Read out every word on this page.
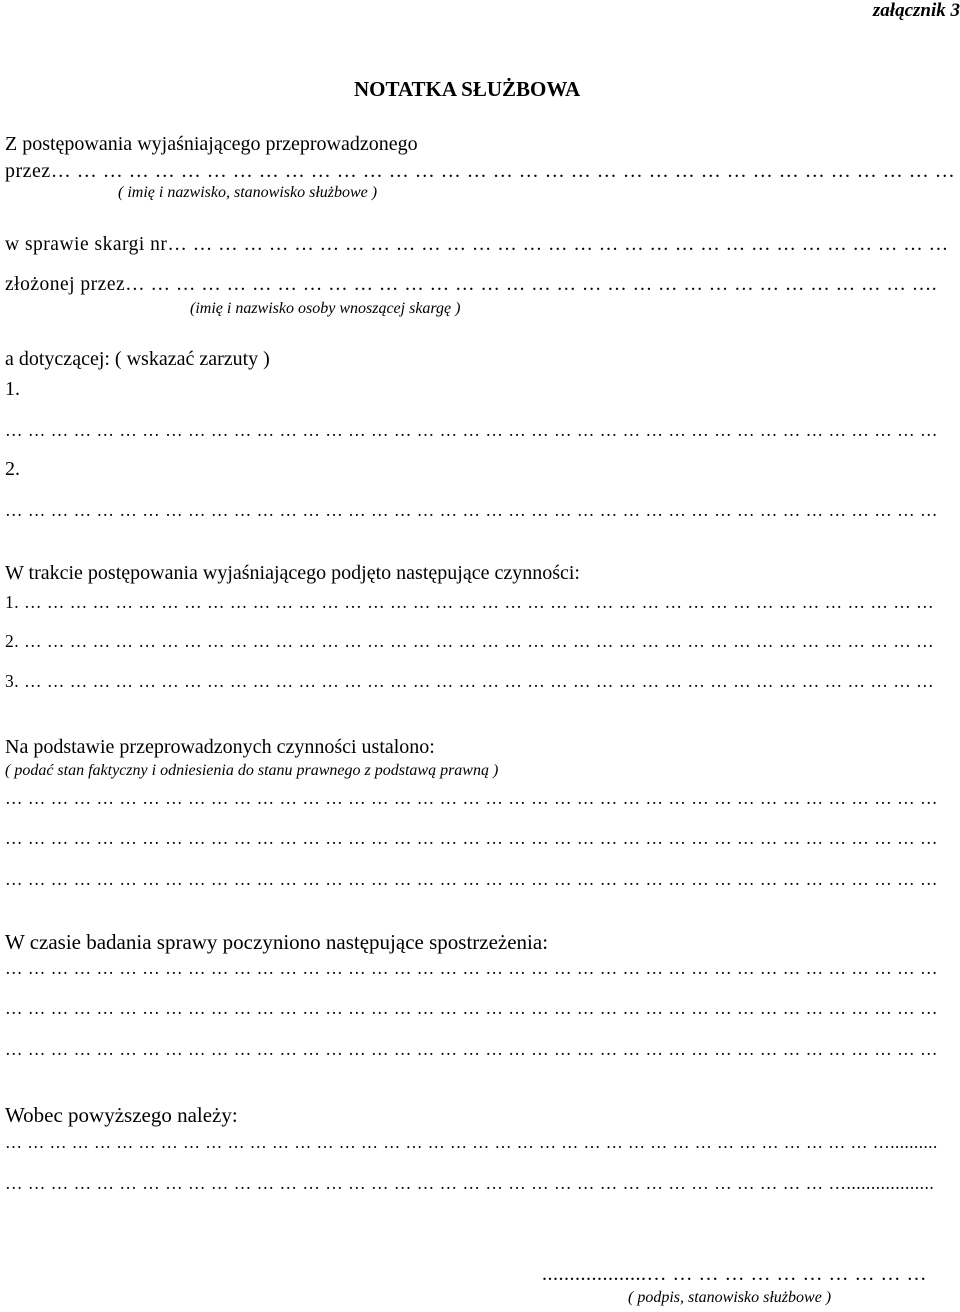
załącznik 3
NOTATKA SŁUŻBOWA
Z postępowania wyjaśniającego przeprowadzonego
przez… … … … … … … … … … … … … … … … … … … … … … … … … … … … … … … … … … …
( imię i nazwisko, stanowisko służbowe )
w sprawie skargi nr… … … … … … … … … … … … … … … … … … … … … … … … … … … … … … …
złożonej przez… … … … … … … … … … … … … … … … … … … … … … … … … … … … … … … ….
(imię i nazwisko osoby wnoszącej skargę )
a dotyczącej: ( wskazać zarzuty )
1.
… … … … … … … … … … … … … … … … … … … … … … … … … … … … … … … … … … … … … … … … …
2.
… … … … … … … … … … … … … … … … … … … … … … … … … … … … … … … … … … … … … … … … …
W trakcie postępowania wyjaśniającego podjęto następujące czynności:
1. … … … … … … … … … … … … … … … … … … … … … … … … … … … … … … … … … … … … … … … …
2. … … … … … … … … … … … … … … … … … … … … … … … … … … … … … … … … … … … … … … … …
3. … … … … … … … … … … … … … … … … … … … … … … … … … … … … … … … … … … … … … … … …
Na podstawie przeprowadzonych czynności ustalono:
( podać stan faktyczny i odniesienia do stanu prawnego z podstawą prawną )
… … … … … … … … … … … … … … … … … … … … … … … … … … … … … … … … … … … … … … … … …
… … … … … … … … … … … … … … … … … … … … … … … … … … … … … … … … … … … … … … … … …
… … … … … … … … … … … … … … … … … … … … … … … … … … … … … … … … … … … … … … … … …
W czasie badania sprawy poczyniono następujące spostrzeżenia:
… … … … … … … … … … … … … … … … … … … … … … … … … … … … … … … … … … … … … … … … …
… … … … … … … … … … … … … … … … … … … … … … … … … … … … … … … … … … … … … … … … …
… … … … … … … … … … … … … … … … … … … … … … … … … … … … … … … … … … … … … … … … …
Wobec powyższego należy:
… … … … … … … … … … … … … … … … … … … … … … … … … … … … … … … … … … … … … … … …..........
… … … … … … … … … … … … … … … … … … … … … … … … … … … … … … … … … … … … …..................
...................… … … … … … … … … … …
( podpis, stanowisko służbowe )
